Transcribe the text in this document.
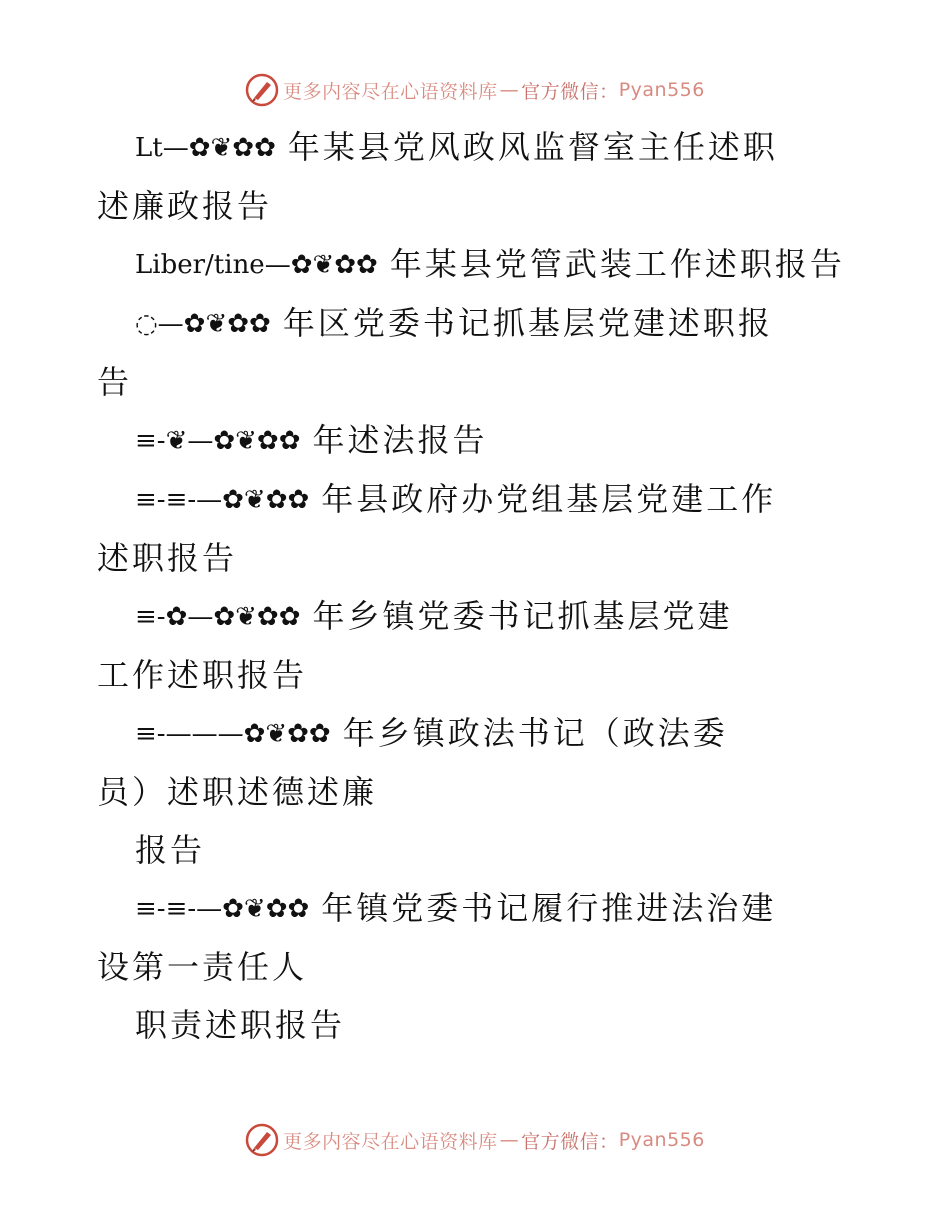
更多内容尽在心语资料库 — 官方微信： Pyan556
Lt—✿❦✿✿ 年某县党风政风监督室主任述职
述廉政报告
Liber/tine—✿❦✿✿ 年某县党管武装工作述职报告
◌—✿❦✿✿ 年区党委书记抓基层党建述职报
告
≡-❦—✿❦✿✿ 年述法报告
≡-≡-—✿❦✿✿ 年县政府办党组基层党建工作
述职报告
≡-✿—✿❦✿✿ 年乡镇党委书记抓基层党建
工作述职报告
≡-———✿❦✿✿ 年乡镇政法书记（政法委
员）述职述德述廉
报告
≡-≡-—✿❦✿✿ 年镇党委书记履行推进法治建
设第一责任人
职责述职报告
更多内容尽在心语资料库 — 官方微信： Pyan556
